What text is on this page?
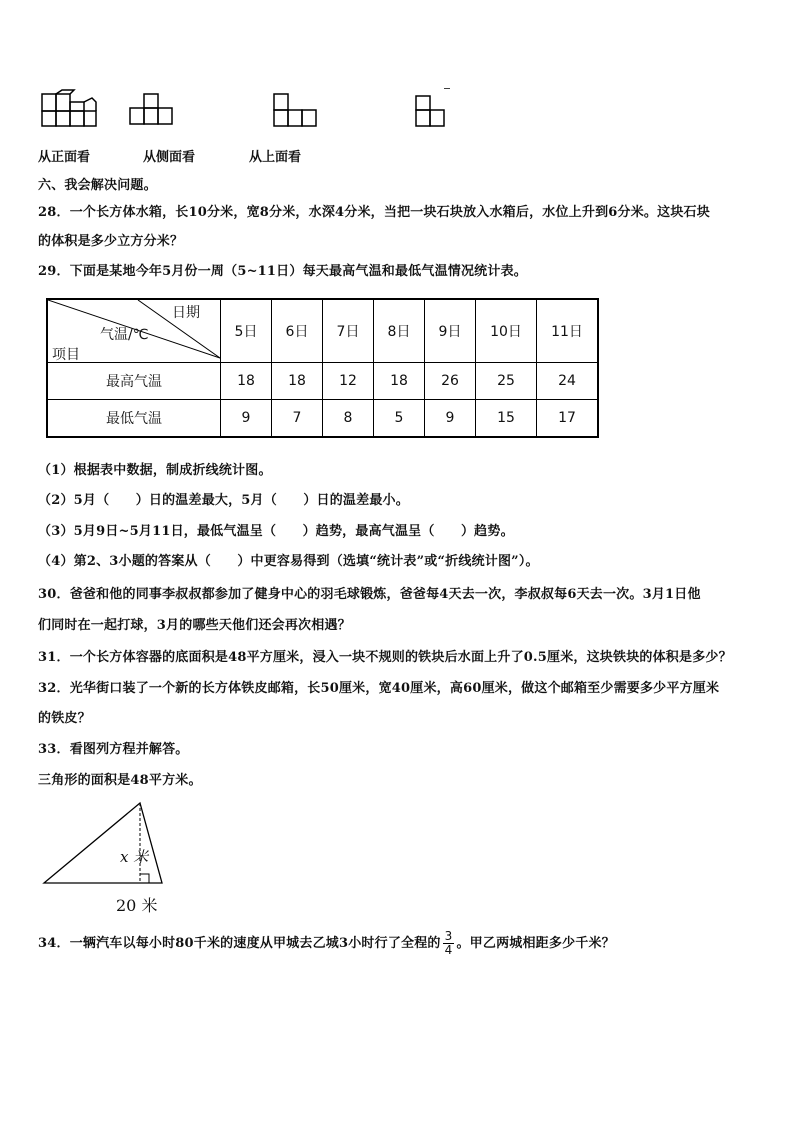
从正面看	从侧面看	从上面看
六、我会解决问题。
28．一个长方体水箱，长10分米，宽8分米，水深4分米，当把一块石块放入水箱后，水位上升到6分米。这块石块
的体积是多少立方分米？
29．下面是某地今年5月份一周（5~11日）每天最高气温和最低气温情况统计表。
日期
气温/℃
项目	5日	6日	7日	8日	9日	10日	11日
最高气温	18	18	12	18	26	25	24
最低气温	9	7	8	5	9	15	17
（1）根据表中数据，制成折线统计图。
（2）5月（　　）日的温差最大，5月（　　）日的温差最小。
（3）5月9日~5月11日，最低气温呈（　　）趋势，最高气温呈（　　）趋势。
（4）第2、3小题的答案从（　　）中更容易得到（选填“统计表”或“折线统计图”）。
30．爸爸和他的同事李叔叔都参加了健身中心的羽毛球锻炼，爸爸每4天去一次，李叔叔每6天去一次。3月1日他
们同时在一起打球，3月的哪些天他们还会再次相遇？
31．一个长方体容器的底面积是48平方厘米，浸入一块不规则的铁块后水面上升了0.5厘米，这块铁块的体积是多少？
32．光华街口装了一个新的长方体铁皮邮箱，长50厘米，宽40厘米，高60厘米，做这个邮箱至少需要多少平方厘米
的铁皮？
33．看图列方程并解答。
三角形的面积是48平方米。
x 米
20 米
34．一辆汽车以每小时80千米的速度从甲城去乙城3小时行了全程的 $\frac{3}{4}$ 。甲乙两城相距多少千米？
